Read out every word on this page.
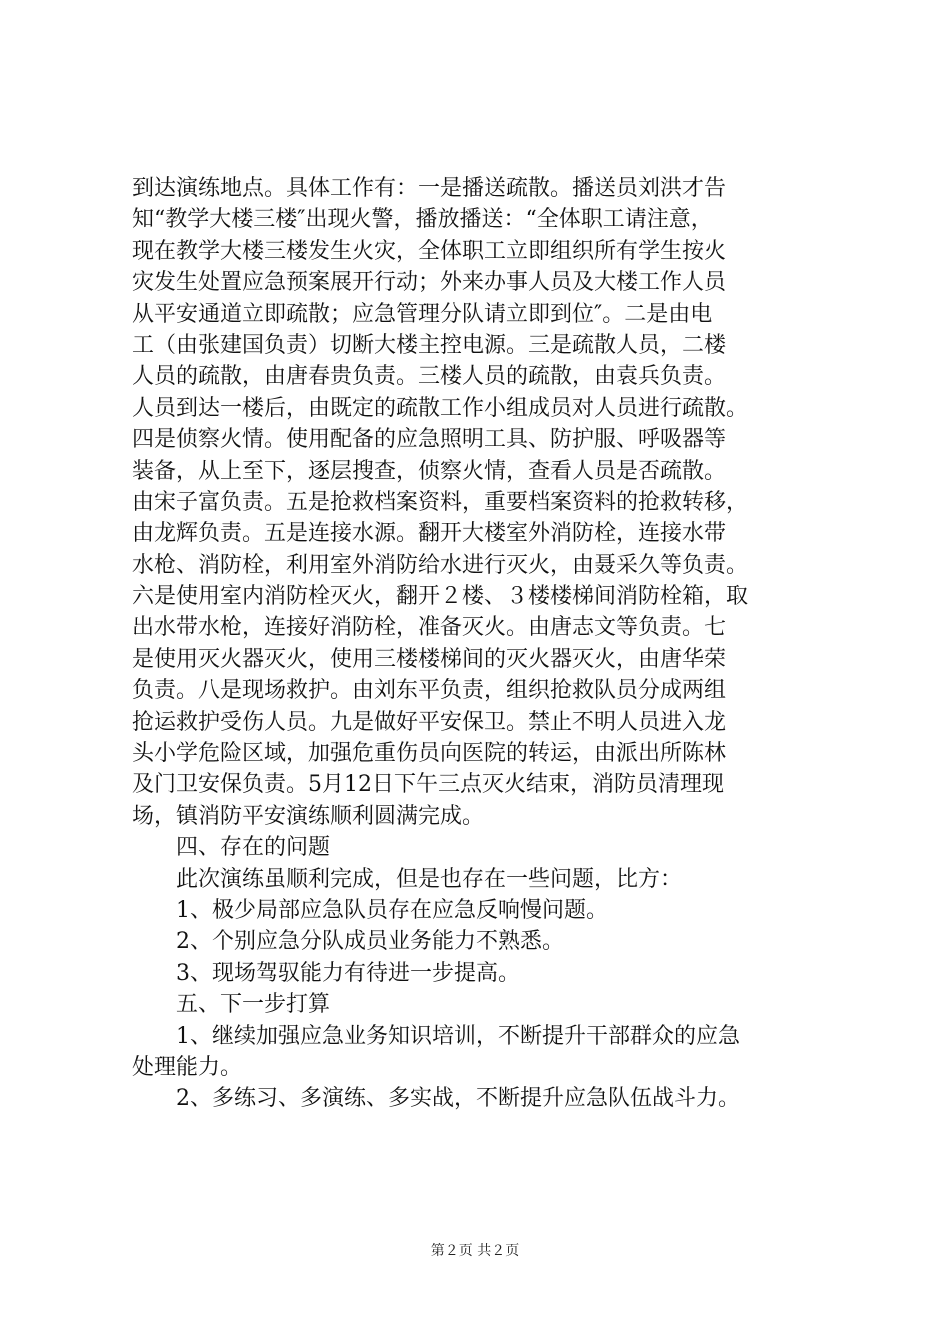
到达演练地点。具体工作有：一是播送疏散。播送员刘洪才告
知“教学大楼三楼″出现火警，播放播送：“全体职工请注意，
现在教学大楼三楼发生火灾，全体职工立即组织所有学生按火
灾发生处置应急预案展开行动；外来办事人员及大楼工作人员
从平安通道立即疏散；应急管理分队请立即到位″。二是由电
工（由张建国负责）切断大楼主控电源。三是疏散人员，二楼
人员的疏散，由唐春贵负责。三楼人员的疏散，由袁兵负责。
人员到达一楼后，由既定的疏散工作小组成员对人员进行疏散。
四是侦察火情。使用配备的应急照明工具、防护服、呼吸器等
装备，从上至下，逐层搜查，侦察火情，查看人员是否疏散。
由宋子富负责。五是抢救档案资料，重要档案资料的抢救转移，
由龙辉负责。五是连接水源。翻开大楼室外消防栓，连接水带
水枪、消防栓，利用室外消防给水进行灭火，由聂采久等负责。
六是使用室内消防栓灭火，翻开２楼、３楼楼梯间消防栓箱，取
出水带水枪，连接好消防栓，准备灭火。由唐志文等负责。七
是使用灭火器灭火，使用三楼楼梯间的灭火器灭火，由唐华荣
负责。八是现场救护。由刘东平负责，组织抢救队员分成两组
抢运救护受伤人员。九是做好平安保卫。禁止不明人员进入龙
头小学危险区域，加强危重伤员向医院的转运，由派出所陈林
及门卫安保负责。5月12日下午三点灭火结束，消防员清理现
场，镇消防平安演练顺利圆满完成。
四、存在的问题
此次演练虽顺利完成，但是也存在一些问题，比方：
1、极少局部应急队员存在应急反响慢问题。
2、个别应急分队成员业务能力不熟悉。
3、现场驾驭能力有待进一步提高。
五、下一步打算
1、继续加强应急业务知识培训，不断提升干部群众的应急
处理能力。
2、多练习、多演练、多实战，不断提升应急队伍战斗力。
第２页 共２页
